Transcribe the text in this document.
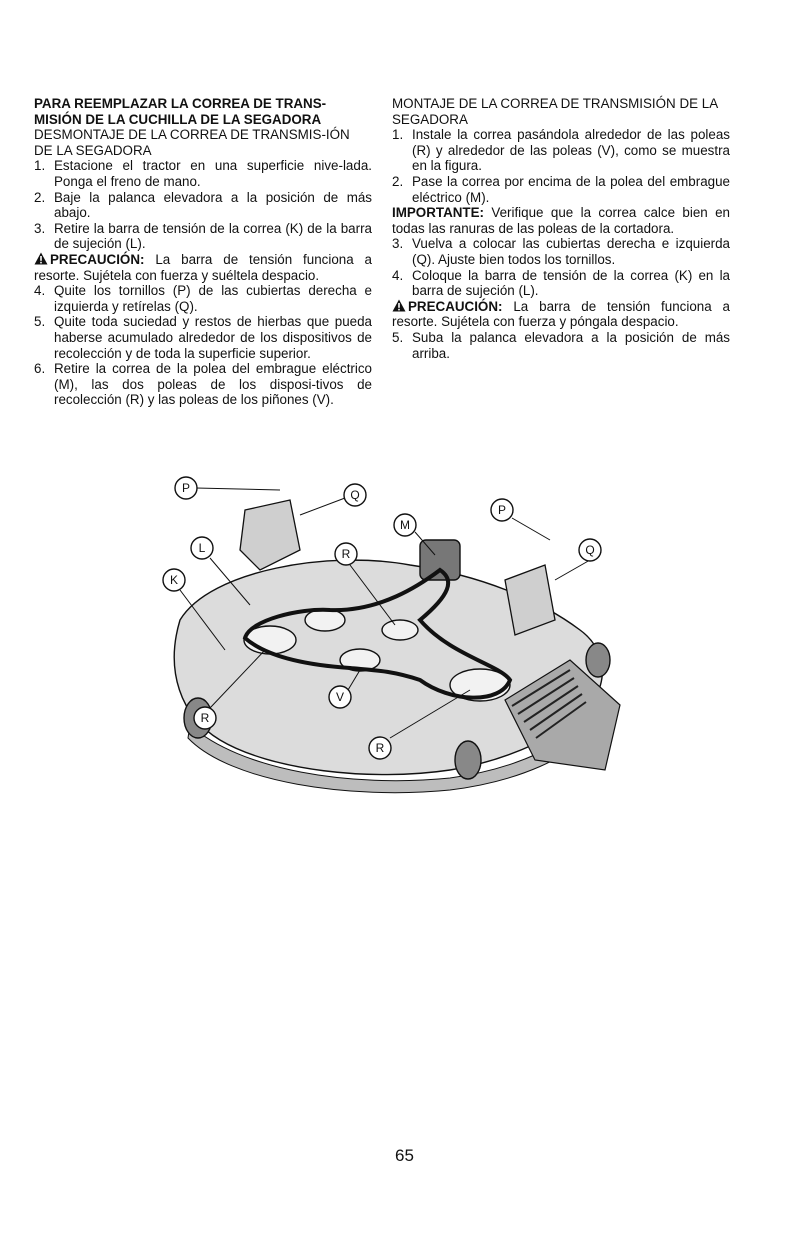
PARA REEMPLAZAR LA CORREA DE TRANS-MISIÓN DE LA CUCHILLA DE LA SEGADORA

DESMONTAJE DE LA CORREA DE TRANSMIS-IÓN DE LA SEGADORA

1. Estacione el tractor en una superficie nive-lada. Ponga el freno de mano.

2. Baje la palanca elevadora a la posición de más abajo.

3. Retire la barra de tensión de la correa (K) de la barra de sujeción (L).

PRECAUCIÓN: La barra de tensión funciona a resorte. Sujétela con fuerza y suéltela despacio.

4. Quite los tornillos (P) de las cubiertas derecha e izquierda y retírelas (Q).

5. Quite toda suciedad y restos de hierbas que pueda haberse acumulado alrededor de los dispositivos de recolección y de toda la superficie superior.

6. Retire la correa de la polea del embrague eléctrico (M), las dos poleas de los disposi-tivos de recolección (R) y las poleas de los piñones (V).

MONTAJE DE LA CORREA DE TRANSMISIÓN DE LA SEGADORA

1. Instale la correa pasándola alrededor de las poleas (R) y alrededor de las poleas (V), como se muestra en la figura.

2. Pase la correa por encima de la polea del embrague eléctrico (M).

IMPORTANTE: Verifique que la correa calce bien en todas las ranuras de las poleas de la cortadora.

3. Vuelva a colocar las cubiertas derecha e izquierda (Q). Ajuste bien todos los tornillos.

4. Coloque la barra de tensión de la correa (K) en la barra de sujeción (L).

PRECAUCIÓN: La barra de tensión funciona a resorte. Sujétela con fuerza y póngala despacio.

5. Suba la palanca elevadora a la posición de más arriba.

P	Q
L	R
K
M
P
Q
R
V
R
65
